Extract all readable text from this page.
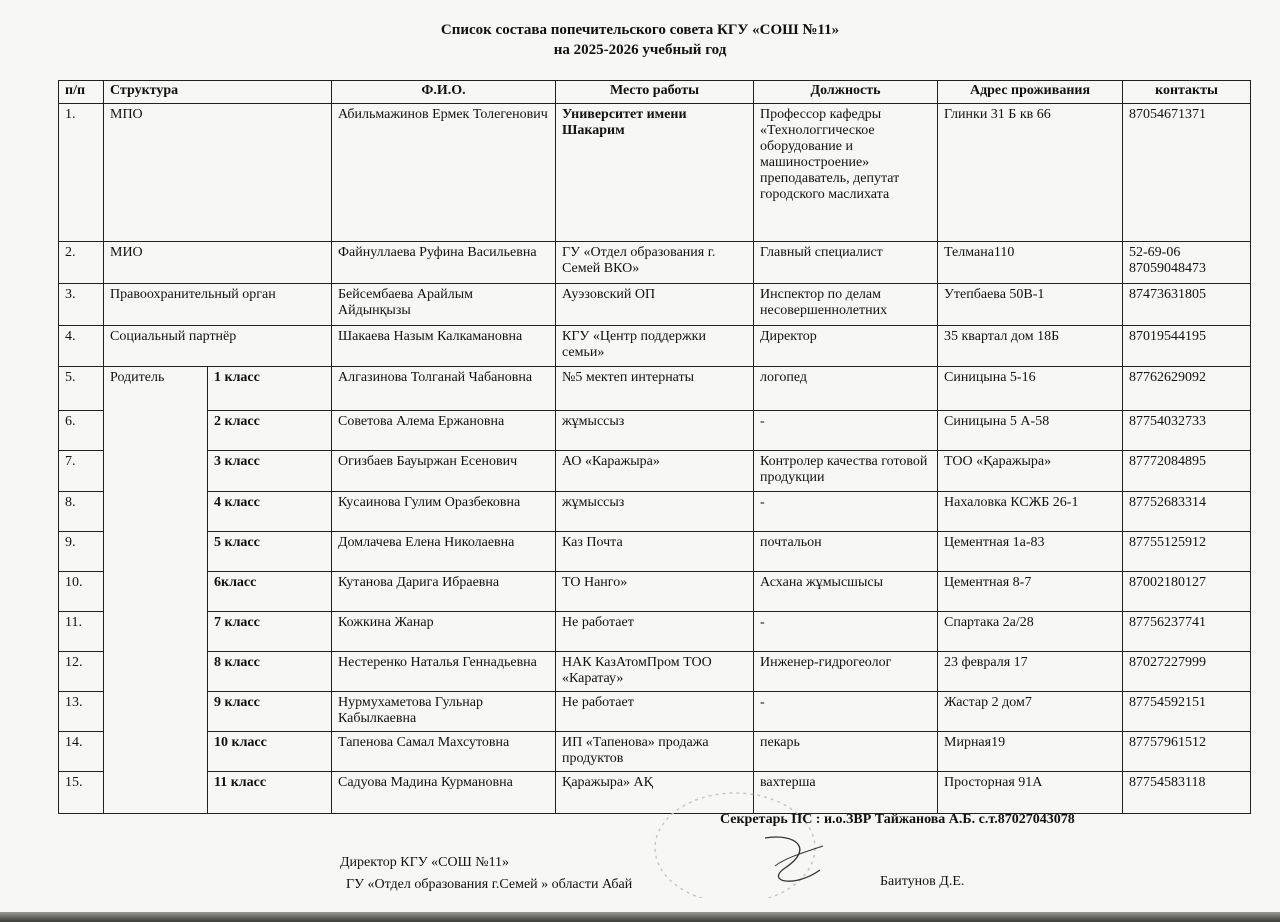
Список состава попечительского совета КГУ «СОШ №11»
на 2025-2026 учебный год
п/п	Структура		Ф.И.О.	Место работы	Должность	Адрес проживания	контакты
1.	МПО		Абильмажинов Ермек Толегенович	Университет имени Шакарим	Профессор кафедры «Технологгическое оборудование и машиностроение» преподаватель, депутат городского маслихата	Глинки 31 Б кв 66	87054671371
2.	МИО		Файнуллаева Руфина Васильевна	ГУ «Отдел образования г. Семей ВКО»	Главный специалист	Телмана110	52-69-06 87059048473
3.	Правоохранительный орган		Бейсембаева Арайлым Айдынқызы	Ауэзовский ОП	Инспектор по делам несовершеннолетних	Утепбаева 50В-1	87473631805
4.	Социальный партнёр		Шакаева Назым Калкамановна	КГУ «Центр поддержки семьи»	Директор	35 квартал дом 18Б	87019544195
5.	Родитель	1 класс	Алгазинова Толганай Чабановна	№5 мектеп интернаты	логопед	Синицына 5-16	87762629092
6.		2 класс	Советова Алема Ержановна	жұмыссыз	-	Синицына 5 А-58	87754032733
7.		3 класс	Огизбаев Бауыржан Есенович	АО «Каражыра»	Контролер качества готовой продукции	ТОО «Қаражыра»	87772084895
8.		4 класс	Кусаинова Гулим Оразбековна	жұмыссыз	-	Нахаловка КСЖБ 26-1	87752683314
9.		5 класс	Домлачева Елена Николаевна	Каз Почта	почтальон	Цементная 1а-83	87755125912
10.		6класс	Кутанова Дарига Ибраевна	ТО Нанго»	Асхана жұмысшысы	Цементная 8-7	87002180127
11.		7 класс	Кожкина Жанар	Не работает	-	Спартака 2а/28	87756237741
12.		8 класс	Нестеренко Наталья Геннадьевна	НАК КазАтомПром ТОО «Каратау»	Инженер-гидрогеолог	23 февраля 17	87027227999
13.		9 класс	Нурмухаметова Гульнар Кабылкаевна	Не работает	-	Жастар 2 дом7	87754592151
14.		10 класс	Тапенова Самал Махсутовна	ИП «Тапенова» продажа продуктов	пекарь	Мирная19	87757961512
15.		11 класс	Садуова Мадина Курмановна	Қаражыра» АҚ	вахтерша	Просторная 91А	87754583118
Секретарь ПС : и.о.ЗВР Тайжанова А.Б. с.т.87027043078
Директор КГУ «СОШ №11»
ГУ «Отдел образования г.Семей » области Абай	Баитунов Д.Е.
